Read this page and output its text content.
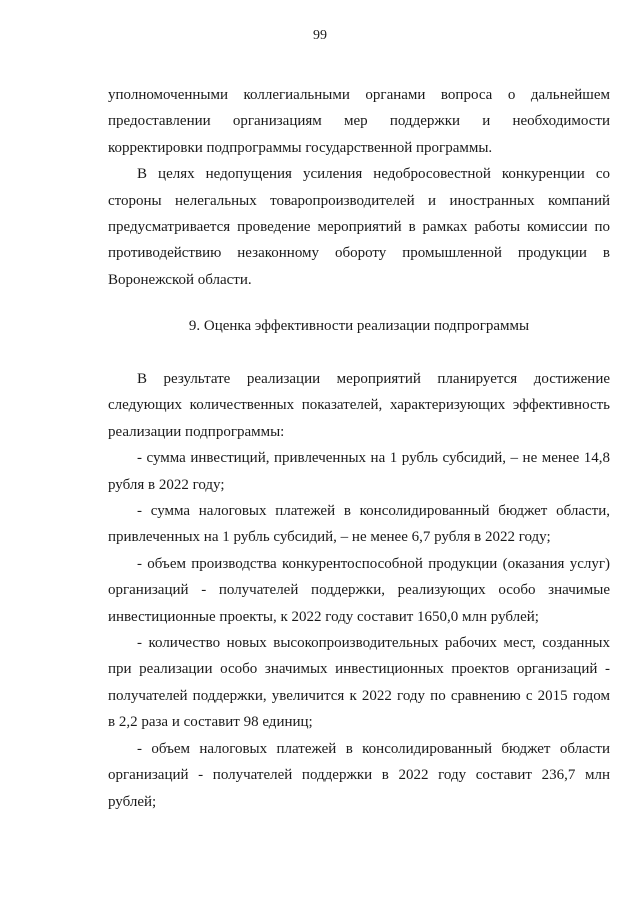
99

уполномоченными коллегиальными органами вопроса о дальнейшем

предоставлении организациям мер поддержки и необходимости

корректировки подпрограммы государственной программы.

В целях недопущения усиления недобросовестной конкуренции со

стороны нелегальных товаропроизводителей и иностранных компаний

предусматривается проведение мероприятий в рамках работы комиссии по

противодействию незаконному обороту промышленной продукции в

Воронежской области.

9. Оценка эффективности реализации подпрограммы

В результате реализации мероприятий планируется достижение

следующих количественных показателей, характеризующих эффективность

реализации подпрограммы:

- сумма инвестиций, привлеченных на 1 рубль субсидий, – не менее 14,8

рубля в 2022 году;

- сумма налоговых платежей в консолидированный бюджет области,

привлеченных на 1 рубль субсидий, – не менее 6,7 рубля в 2022 году;

- объем производства конкурентоспособной продукции (оказания услуг)

организаций - получателей поддержки, реализующих особо значимые

инвестиционные проекты, к 2022 году составит 1650,0 млн рублей;

- количество новых высокопроизводительных рабочих мест, созданных

при реализации особо значимых инвестиционных проектов организаций -

получателей поддержки, увеличится к 2022 году по сравнению с 2015 годом

в 2,2 раза и составит 98 единиц;

- объем налоговых платежей в консолидированный бюджет области

организаций - получателей поддержки в 2022 году составит 236,7 млн

рублей;
